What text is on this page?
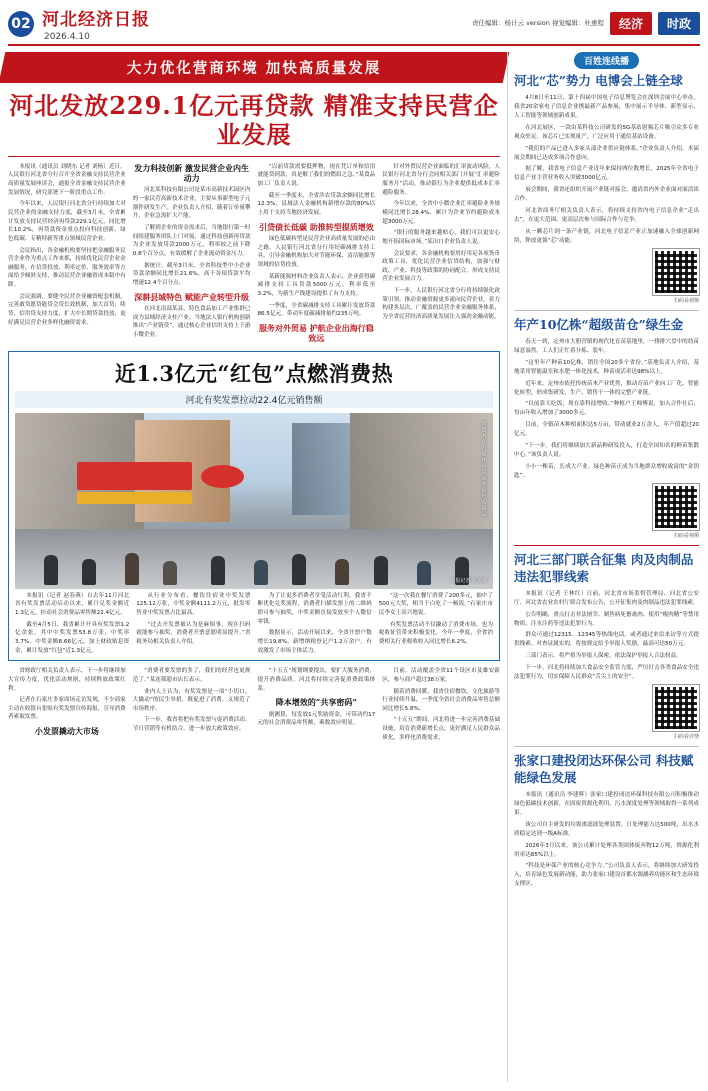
02 河北经济日报
2026.4.10
责任编辑：杨计云 version 视觉编辑：杜惠程	经济	时政
大力优化营商环境 加快高质量发展
河北发放229.1亿元再贷款 精准支持民营企业发展

本报讯（通讯员 刘晓东 记者 刘杨）近日，人民银行河北省分行召开全省金融支持民营企业高质量发展座谈会，通报全省金融支持民营企业发展情况，研究部署下一阶段重点工作。

今年以来，人民银行河北省分行持续加大对民营企业的金融支持力度，截至3月末，全省累计发放支持民营经济再贷款229.1亿元，同比增长10.2%，再贷款资金重点投向科技创新、绿色低碳、专精特新等重点领域民营企业。

会议指出，各金融机构要坚持把金融服务民营企业作为重点工作来抓，持续优化民营企业金融服务，在信贷投放、利率定价、服务效率等方面给予倾斜支持，推动民营企业融资成本稳中有降。

会议强调，要健全民营企业融资配套机制，完善敢贷愿贷能贷会贷长效机制，加大首贷、续贷、信用贷支持力度，扩大中长期贷款投放，更好满足民营企业多样化融资需求。

发力科技创新 激发民营企业内生动力

河北某科技有限公司是某市高新技术园区内的一家民营高新技术企业，主要从事新型电子元器件研发生产。企业负责人介绍，随着订单量攀升，企业急需扩大产能。

了解到企业的资金需求后，当地银行第一时间组建服务团队上门对接，通过科技创新再贷款为企业发放贷款2000万元，利率较之前下降0.8个百分点，有效缓解了企业流动资金压力。

据统计，截至3月末，全省科技型中小企业贷款余额同比增长21.6%，高于各项贷款平均增速12.4个百分点。

深耕县域特色 赋能产业转型升级

在河北南部某县，特色食品加工产业集群已成为县域经济支柱产业。当地法人银行机构创新推出“产业链贷”，通过核心企业信用支持上下游小微企业。

“以前贷款需要抵押物，现在凭订单和信用就能贷到款，真是解了我们的燃眉之急。”某食品加工厂负责人说。

截至一季度末，全省涉农贷款余额同比增长12.3%，县域法人金融机构新增存款的80%以上用于支持当地经济发展。

引贷债长低碳 助推转型提质增效

绿色低碳转型是民营企业高质量发展的必由之路。人民银行河北省分行用好碳减排支持工具，引导金融机构加大对节能环保、清洁能源等领域的信贷投放。

某新能源材料企业负责人表示，企业获得碳减排支持工具贷款5000万元，利率低至3.2%，为新生产线建设提供了有力支持。

一季度，全省碳减排支持工具累计发放贷款86.5亿元，带动年度碳减排量约235万吨。

服务对外贸易 护航企业出海行稳致远

针对外贸民营企业面临的汇率波动风险，人民银行河北省分行会同相关部门开展“汇率避险服务月”活动，推动银行为企业提供低成本汇率避险服务。

今年以来，全省中小微企业汇率避险业务规模同比增长28.4%，累计为企业节约避险成本超3000万元。

“银行的服务越来越贴心，我们可以更安心地开拓国际市场。”某出口企业负责人说。

会议要求，各金融机构要用好用足各项货币政策工具，优化民营企业信贷结构，加强与财政、产业、科技等政策的协同配合，形成支持民营企业发展合力。

下一步，人民银行河北省分行将持续强化政策引领，推动金融资源更多流向民营企业，着力构建多层次、广覆盖的民营企业金融服务体系，为全省民营经济高质量发展注入强劲金融动能。

近1.3亿元“红包”点燃消费热
河北有奖发票拉动22.4亿元销售额
消费者在石家庄市某商业街选购商品。
本报记者 张昊摄

本报讯（记者 赵春燕）自去年11月河北省有奖发票活动启动以来，累计兑奖金额近1.3亿元，拉动社会消费品零售额22.4亿元。

截至4月5日，我省累计开具有奖发票1.2亿余张，其中中奖发票53.8万张，中奖率3.7%。中奖金额8.66亿元，加上财政贴息资金，累计发放“红包”近1.3亿元。

从行业分布看，餐饮住宿业中奖发票125.12万张，中奖金额4111.2万元，批发零售业中奖发票占比最高。

“过去开发票被认为是麻烦事，现在扫码就能参与抽奖，消费者开票意愿明显提升。”省税务局相关负责人介绍。

为了让更多消费者享受活动红利，我省不断优化兑奖流程，消费者扫描发票上的二维码即可参与抽奖，中奖金额直接发放至个人微信零钱。

数据显示，活动开展以来，全省开票户数增长19.8%，新增纳税登记户1.2万余户，有效激发了市场主体活力。

“这一次我在餐厅消费了200多元，抽中了500元大奖，相当于白吃了一顿饭。”石家庄市民李女士高兴地说。

有奖发票活动不仅撬动了消费市场，也为税收征管带来积极变化。今年一季度，全省消费相关行业税收收入同比增长6.2%。

省财政厅相关负责人表示，下一步将继续加大宣传力度，优化活动规则，持续释放政策红利。

记者在石家庄多家商场走访发现，不少商家主动在收银台张贴有奖发票宣传海报，引导消费者索取发票。

小发票撬动大市场

“消费者要发票的多了，我们的经营也更规范了。”某连锁超市店长表示。

业内人士认为，有奖发票是一项“小切口、大撬动”的民生举措，既促进了消费，又规范了市场秩序。

下一步，我省将把有奖发票与促消费活动、节日营销等有机结合，进一步放大政策效应。

“十五五”规划纲要提出，要扩大服务消费，提升消费品质。河北将持续完善促消费政策体系。

降本增效的“共享密码”

据测算，每发放1元奖励资金，可带动约17元的社会消费品零售额，乘数效应明显。

目前，活动覆盖全省11个设区市及雄安新区，参与商户超过38万家。

随着消费回暖，我省住宿餐饮、文化旅游等行业持续升温，一季度全省社会消费品零售总额同比增长5.8%。

“十五五”期间，河北将进一步完善消费基础设施，培育消费新增长点，更好满足人民群众品质化、多样化消费需求。

百姓连线播
河北“芯”势力 电博会上链全球

4月8日至11日，第十四届中国电子信息博览会在深圳会展中心举办。我省20余家电子信息企业携最新产品参展，集中展示半导体、新型显示、人工智能等领域创新成果。

在河北展区，一款由某科技公司研发的5G基站射频芯片吸引众多专业观众驻足。该芯片已实现量产，广泛应用于通信基站设备。

“我们的产品已进入多家头部企业供应链体系。”企业负责人介绍，本届展会期间已达成多项合作意向。

据了解，我省电子信息产业近年来保持两位数增长，2025年全省电子信息产业主营业务收入突破3000亿元。

展会期间，我省还组织开展产业链对接会，邀请省内外企业面对面洽谈合作。

河北省商务厅相关负责人表示，将持续支持省内电子信息企业“走出去”，在更大范围、更高层次参与国际合作与竞争。

从一颗芯片到一条产业链，河北电子信息产业正加速融入全球创新网络，释放更强“芯”动能。

扫码看视频
年产10亿株“超级苗仓”绿生金

春天一到，定州市大册营镇的现代化育苗基地里，一排排穴盘中的幼苗绿意盎然，工人们正忙着分拣、装车。

“这里年产种苗10亿株，销往全国20多个省份。”基地负责人介绍，基地采用智能温室和水肥一体化技术，种苗成活率达98%以上。

近年来，定州市依托传统苗木产业优势，推动育苗产业向工厂化、智能化转型，形成集研发、生产、销售于一体的完整产业链。

“以前靠天吃饭，现在靠科技增收。”种植户王师傅说，加入合作社后，每亩年收入增加了3000多元。

目前，全镇苗木种植面积达5万亩，带动就业2万余人，年产值超过20亿元。

“下一步，我们将继续加大新品种研发投入，打造全国知名的种苗集散中心。”该负责人说。

小小一株苗，长成大产业。绿色种苗正成为当地群众增收致富的“金钥匙”。

扫码看视频
河北三部门联合征集 肉及肉制品违法犯罪线索

本报讯（记者 王林红）日前，河北省市场监督管理局、河北省公安厅、河北省农业农村厅联合发布公告，公开征集肉及肉制品违法犯罪线索。

公告明确，重点打击非法屠宰、制售病死畜禽肉、使用“瘦肉精”等禁用物质、注水注药等违法犯罪行为。

群众可通过12315、12345等热线电话，或者通过来信来访等方式提供线索。对查证属实的，将按规定给予举报人奖励，最高可达50万元。

三部门表示，将严格为举报人保密，依法保护举报人合法权益。

下一步，河北将持续加大食品安全监管力度，严厉打击各类食品安全违法犯罪行为，切实保障人民群众“舌尖上的安全”。

扫码看详情
张家口建投闭达环保公司 科技赋能绿色发展

本报讯（通讯员 李建辉）张家口建投闭达环保科技有限公司积极推动绿色低碳技术创新，在固废资源化利用、污水深度处理等领域取得一系列成果。

该公司自主研发的垃圾渗滤液处理装置，日处理能力达500吨，出水水质稳定达到一级A标准。

2026年3月以来，该公司累计处理各类固体废弃物12万吨，资源化利用率达85%以上。

“科技是环保产业的核心竞争力。”公司负责人表示，将继续加大研发投入，培育绿色发展新动能，助力张家口建设首都水源涵养功能区和生态环境支撑区。
